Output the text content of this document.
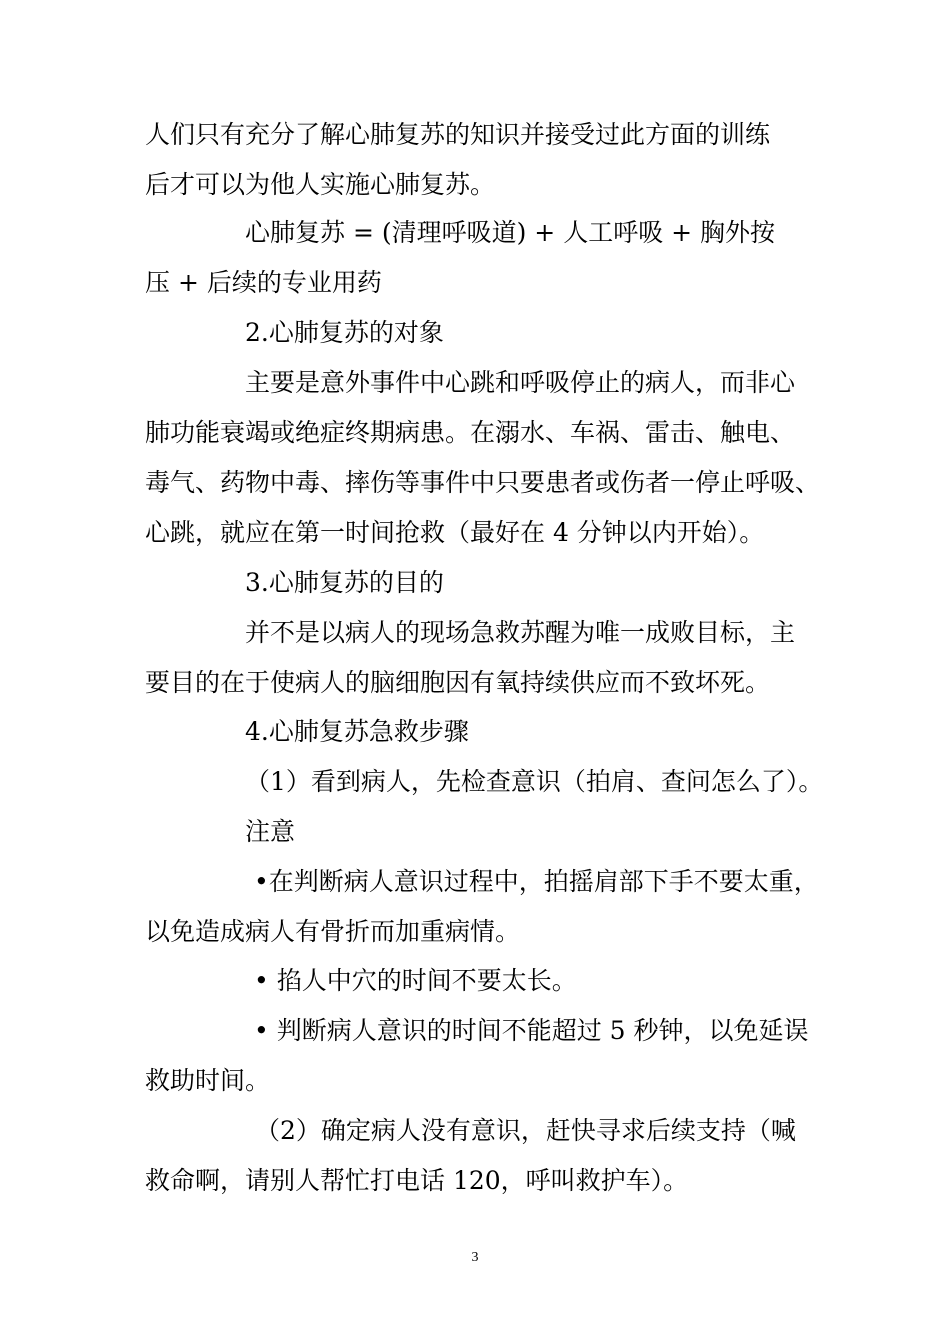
人们只有充分了解心肺复苏的知识并接受过此方面的训练
后才可以为他人实施心肺复苏。
心肺复苏 = (清理呼吸道) + 人工呼吸 + 胸外按
压 + 后续的专业用药
2.心肺复苏的对象
主要是意外事件中心跳和呼吸停止的病人，而非心
肺功能衰竭或绝症终期病患。在溺水、车祸、雷击、触电、
毒气、药物中毒、摔伤等事件中只要患者或伤者一停止呼吸、
心跳，就应在第一时间抢救（最好在 4 分钟以内开始）。
3.心肺复苏的目的
并不是以病人的现场急救苏醒为唯一成败目标，主
要目的在于使病人的脑细胞因有氧持续供应而不致坏死。
4.心肺复苏急救步骤
（1）看到病人，先检查意识（拍肩、查问怎么了）。
注意
•在判断病人意识过程中，拍摇肩部下手不要太重，
以免造成病人有骨折而加重病情。
• 掐人中穴的时间不要太长。
• 判断病人意识的时间不能超过 5 秒钟，以免延误
救助时间。
（2）确定病人没有意识，赶快寻求后续支持（喊
救命啊，请别人帮忙打电话 120，呼叫救护车）。
3
